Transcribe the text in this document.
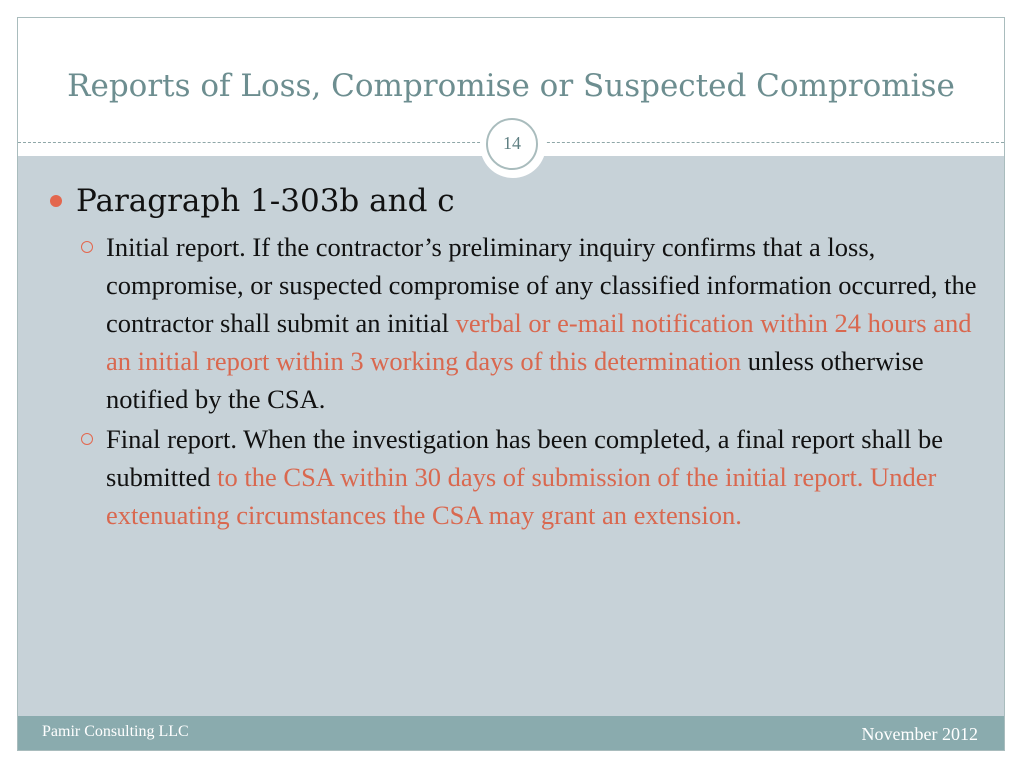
Reports of Loss, Compromise or Suspected Compromise
14
Paragraph 1-303b and c
Initial report. If the contractor’s preliminary inquiry confirms that a loss, compromise, or suspected compromise of any classified information occurred, the contractor shall submit an initial verbal or e-mail notification within 24 hours and an initial report within 3 working days of this determination unless otherwise notified by the CSA.
Final report. When the investigation has been completed, a final report shall be submitted to the CSA within 30 days of submission of the initial report. Under extenuating circumstances the CSA may grant an extension.
Pamir Consulting LLC	November 2012
